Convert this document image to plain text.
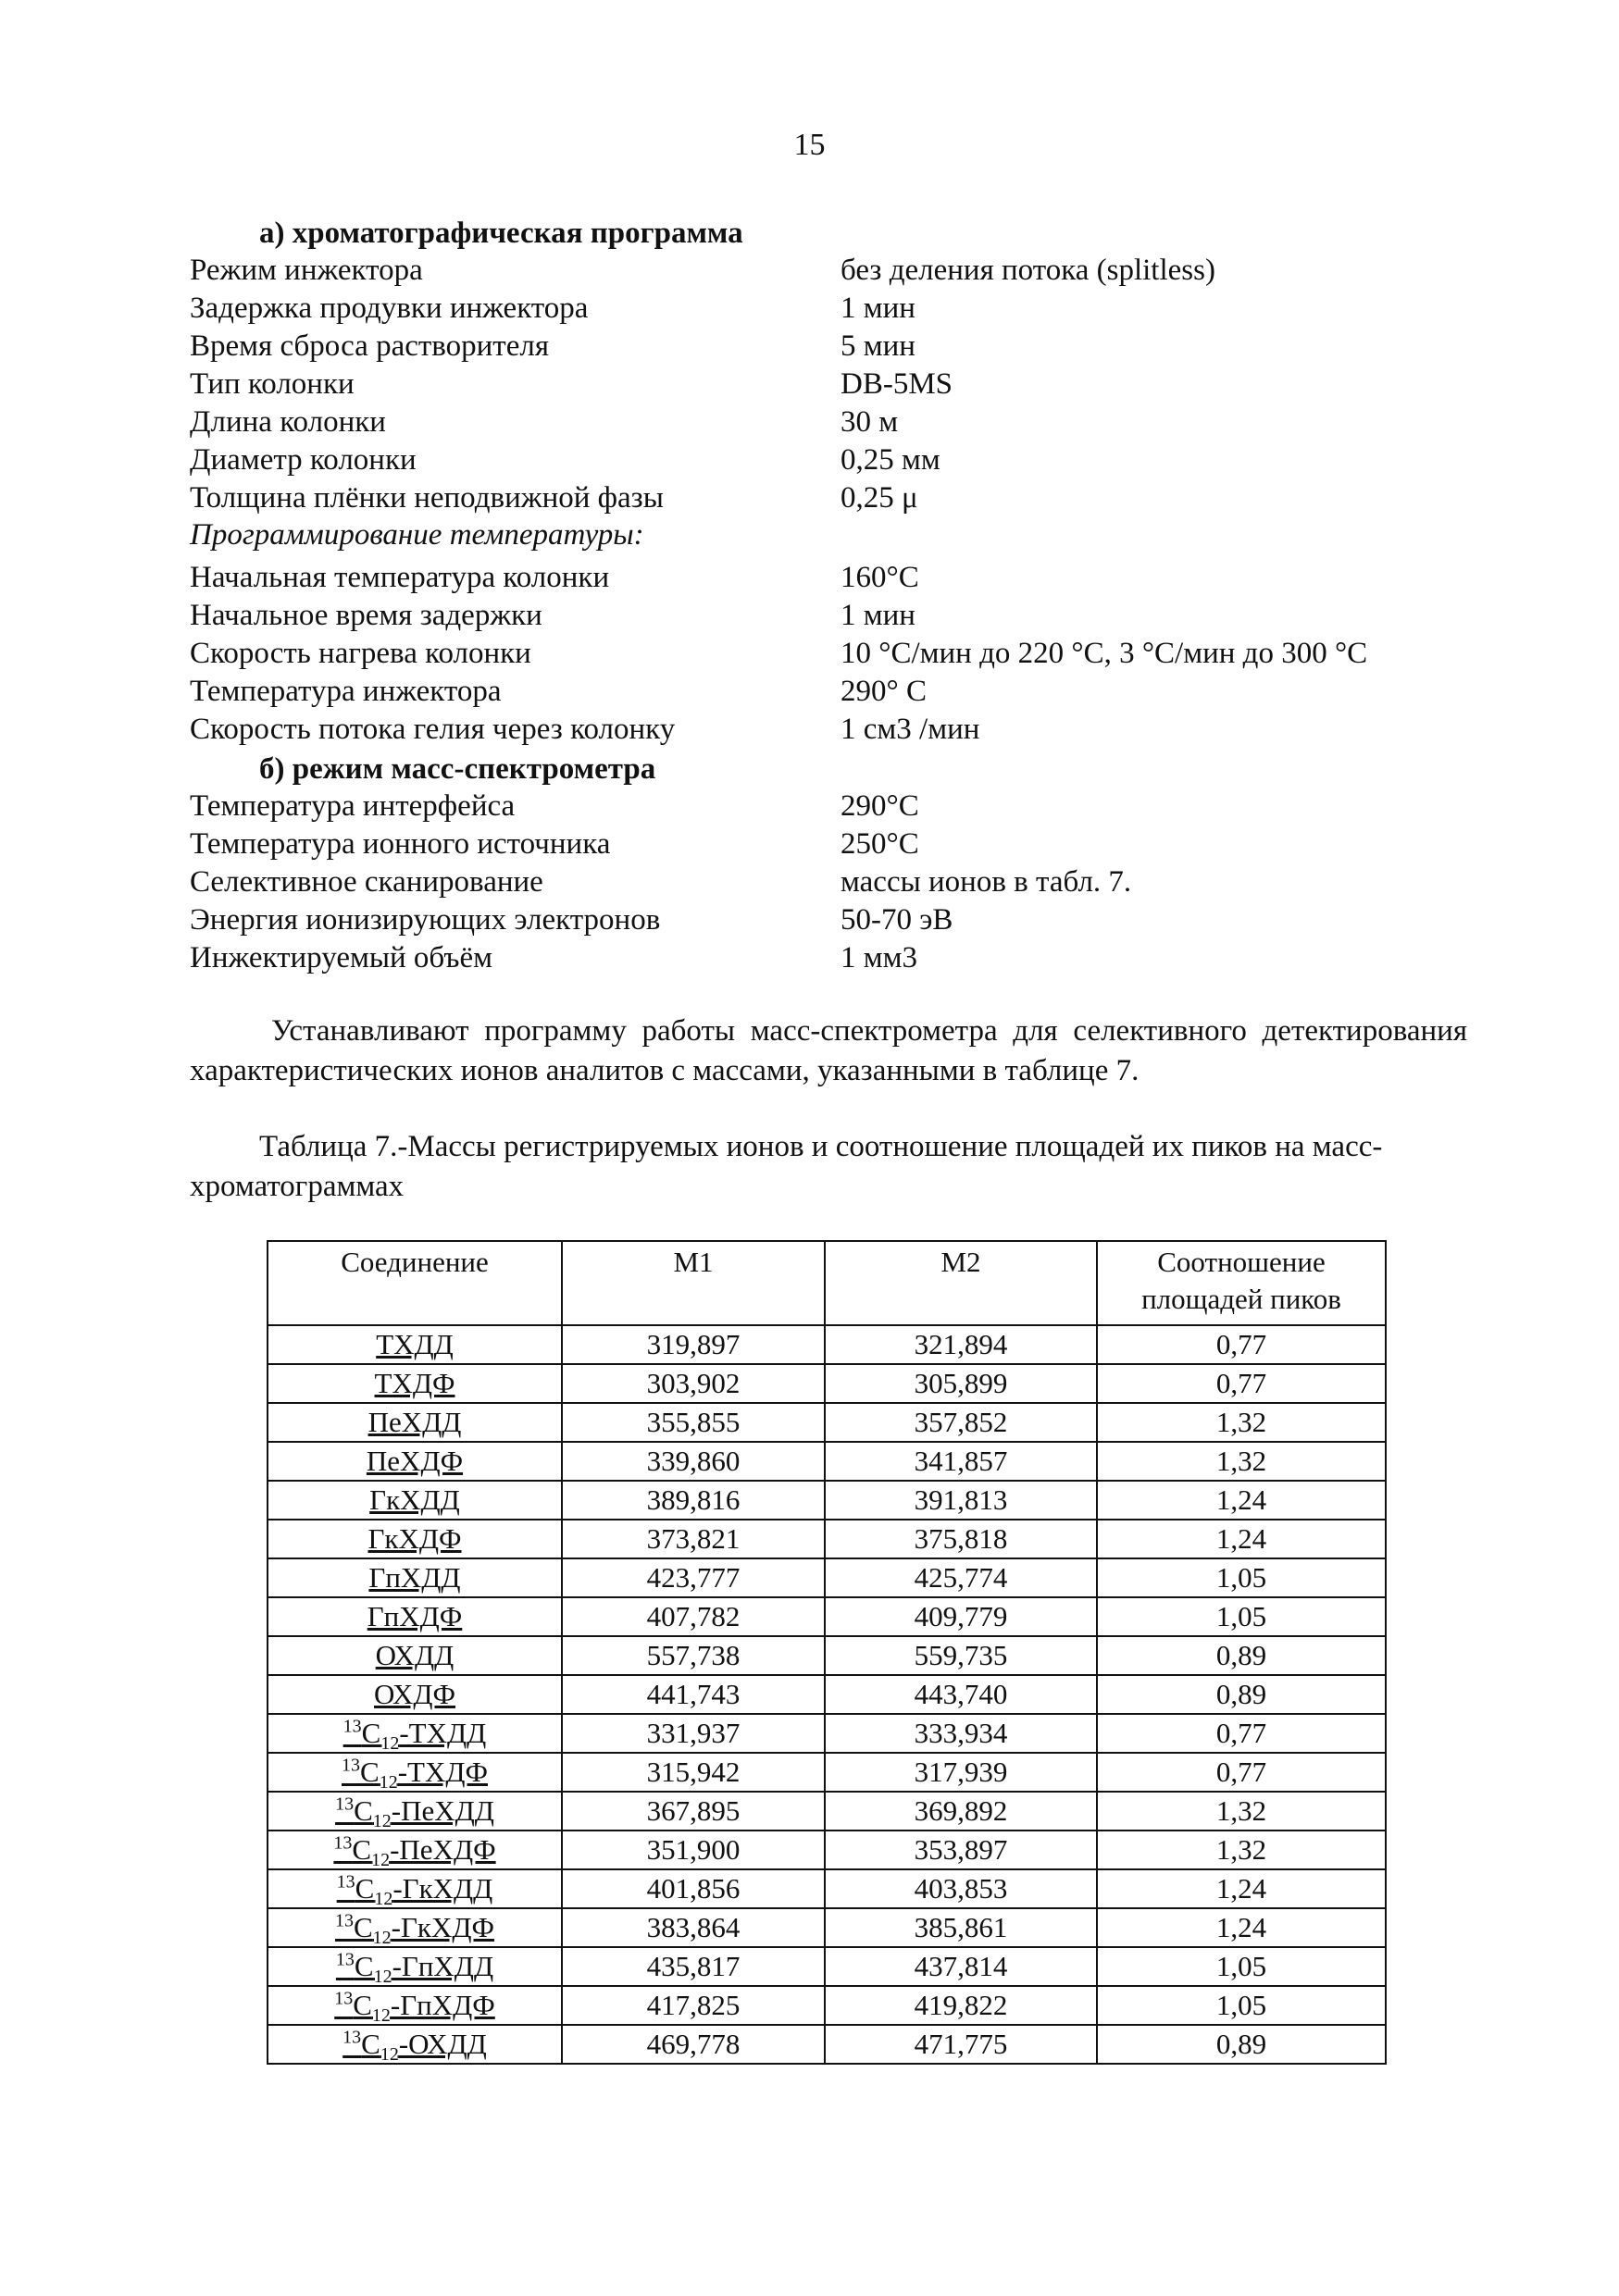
15
а) хроматографическая программа
Режим инжектора	без деления потока (splitless)
Задержка продувки инжектора	1 мин
Время сброса растворителя	5 мин
Тип колонки	DB-5MS
Длина колонки	30 м
Диаметр колонки	0,25 мм
Толщина плёнки неподвижной фазы	0,25 μ
Программирование температуры:
Начальная температура колонки	160°С
Начальное время задержки	1 мин
Скорость нагрева колонки	10 °С/мин до 220 °С, 3 °С/мин до 300 °С
Температура инжектора	290° С
Скорость потока гелия через колонку	1 см3 /мин
б) режим масс-спектрометра
Температура интерфейса	290°С
Температура ионного источника	250°С
Селективное сканирование	массы ионов в табл. 7.
Энергия ионизирующих электронов	50-70 эВ
Инжектируемый объём	1 мм3
Устанавливают программу работы масс-спектрометра для селективного детектирования характеристических ионов аналитов с массами, указанными в таблице 7.
Таблица 7.-Массы регистрируемых ионов и соотношение площадей их пиков на масс-хроматограммах
Соединение	M1	M2	Соотношение площадей пиков
ТХДД	319,897	321,894	0,77
ТХДФ	303,902	305,899	0,77
ПеХДД	355,855	357,852	1,32
ПеХДФ	339,860	341,857	1,32
ГкХДД	389,816	391,813	1,24
ГкХДФ	373,821	375,818	1,24
ГпХДД	423,777	425,774	1,05
ГпХДФ	407,782	409,779	1,05
ОХДД	557,738	559,735	0,89
ОХДФ	441,743	443,740	0,89
$^{13}C_{12}$-ТХДД	331,937	333,934	0,77
$^{13}C_{12}$-ТХДФ	315,942	317,939	0,77
$^{13}C_{12}$-ПеХДД	367,895	369,892	1,32
$^{13}C_{12}$-ПеХДФ	351,900	353,897	1,32
$^{13}C_{12}$-ГкХДД	401,856	403,853	1,24
$^{13}C_{12}$-ГкХДФ	383,864	385,861	1,24
$^{13}C_{12}$-ГпХДД	435,817	437,814	1,05
$^{13}C_{12}$-ГпХДФ	417,825	419,822	1,05
$^{13}C_{12}$-ОХДД	469,778	471,775	0,89
